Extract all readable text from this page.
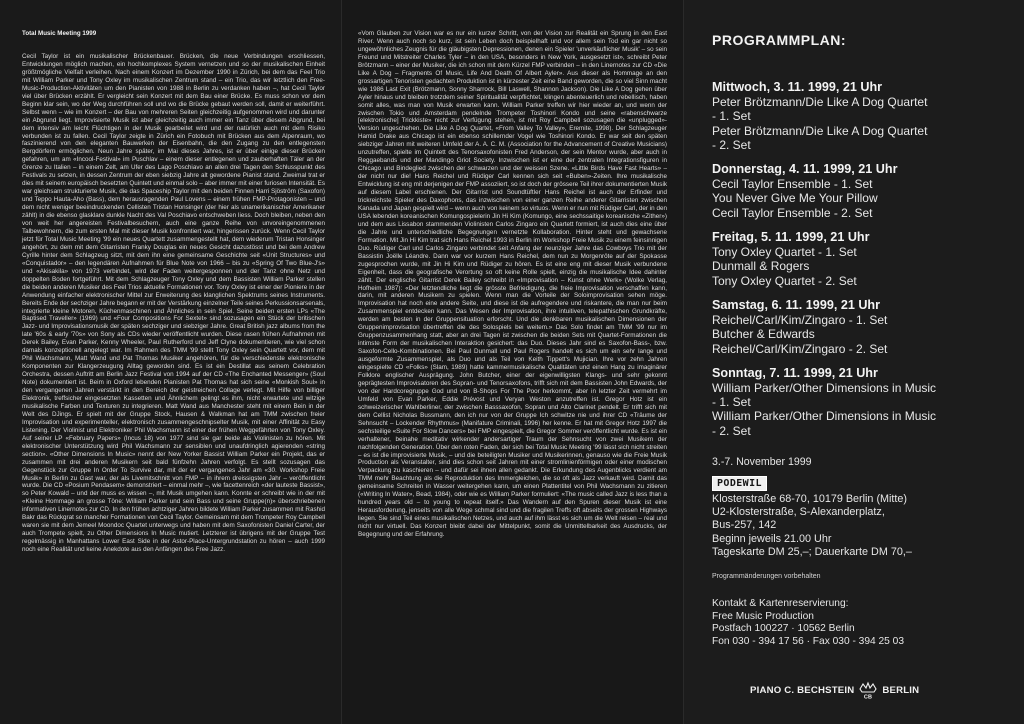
Total Music Meeting 1999

Cecil Taylor ist ein musikalischer Brückenbauer. Brücken, die neue Verbindungen erschliessen, Entwicklungen möglich machen, ein hochkomplexes System vernetzen und so der musikalischen Einheit größtmögliche Vielfalt verleihen. Nach einem Konzert im Dezember 1990 in Zürich, bei dem das Feel Trio mit William Parker und Tony Oxley im musikalischen Zentrum stand – ein Trio, das wir letztlich den Free-Music-Production-Aktivitäten um den Pianisten von 1988 in Berlin zu verdanken haben –, hat Cecil Taylor viel über Brücken erzählt. Er vergleicht sein Konzert mit dem Bau einer Brücke. Es muss schon vor dem Beginn klar sein, wo der Weg durchführen soll und wo die Brücke gebaut werden soll, damit er weiterführt. Selbst wenn – wie im Konzert – der Bau von mehreren Seiten gleichzeitig aufgenommen wird und darunter ein Abgrund liegt. Improvisierte Musik ist aber gleichzeitig auch immer ein Tanz über diesem Abgrund, bei dem intensiv am leicht Flüchtigen in der Musik gearbeitet wird und der natürlich auch mit dem Risiko verbunden ist zu fallen. Cecil Taylor zeigte in Zürich ein Fotobuch mit Brücken aus dem Alpenraum, wo faszinierend von den eleganten Bauwerken der Eisenbahn, die den Zugang zu den entlegensten Bergdörfern ermöglichen. Neun Jahre später, im Mai dieses Jahres, ist er über einige dieser Brücken gefahren, um am «Incool-Festival» im Puschlav – einem dieser entlegenen und zauberhaften Täler an der Grenze zu Italien – in einem Zelt, am Ufer des Lago Poschiavo an allen drei Tagen den Schlusspunkt des Festivals zu setzen, in dessen Zentrum der eben siebzig Jahre alt gewordene Pianist stand. Zweimal trat er dies mit seinem europäisch besetzten Quintett und einmal solo – aber immer mit einer furiosen Intensität. Es war gleichsam strukturierte Musik, die das Spaceship Taylor mit den beiden Finnen Harri Sjöström (Saxofon) und Teppo Hauta-Aho (Bass), dem herausragenden Paul Lovens – einem frühen FMP-Protagonisten – und dem nicht weniger beeindruckenden Cellisten Tristan Honsinger (der hier als unamerikanischer Amerikaner zählt) in die ebenso glasklare dunkle Nacht des Val Poschiavo entschweben liess. Doch bleiben, neben den von weit her angereisten Festivalbesuchern, auch eine ganze Reihe von unvoreingenommenen Talbewohnern, die zum ersten Mal mit dieser Musik konfrontiert war, hingerissen zurück. Wenn Cecil Taylor jetzt für Total Music Meeting '99 ein neues Quartett zusammengestellt hat, dem wiederum Tristan Honsinger angehört, zu dem mit dem Gitarristen Franky Douglas ein neues Gesicht dazustösst und bei dem Andrew Cyrille hinter dem Schlagzeug sitzt, mit dem ihn eine gemeinsame Geschichte seit «Unit Structures» und «Conquistador» – den legendären Aufnahmen für Blue Note von 1966 – bis zu «Spring Of Two Blue-J's» und «Akisakila» von 1973 verbindet, wird der Faden weitergesponnen und der Tanz ohne Netz und doppelten Boden fortgeführt. Mit dem Schlagzeuger Tony Oxley und dem Bassisten William Parker stellen die beiden anderen Musiker des Feel Trios aktuelle Formationen vor. Tony Oxley ist einer der Pioniere in der Anwendung einfacher elektronischer Mittel zur Erweiterung des klanglichen Spektrums seines Instruments. Bereits Ende der sechziger Jahre begann er mit der Verstärkung einzelner Teile seines Perkussionsarsenals, integrierte kleine Motoren, Küchenmaschinen und Ähnliches in sein Spiel. Seine beiden ersten LPs «The Baptised Traveller» (1969) und «Four Compositions For Sextet» sind sozusagen ein Stück der britischen Jazz- und Improvisationsmusik der späten sechziger und siebziger Jahre. Great British jazz albums from the late '60s & early '70s» von Sony als CDs wieder veröffentlicht wurden. Diese rasen frühen Aufnahmen mit Derek Bailey, Evan Parker, Kenny Wheeler, Paul Rutherford und Jeff Clyne dokumentieren, wie viel schon damals konzeptionell angelegt war. Im Rahmen des TMM '99 stellt Tony Oxley sein Quartett vor, dem mit Phil Wachsmann, Matt Wand und Pat Thomas Musiker angehören, für die verschiedenste elektronische Komponenten zur Klangerzeugung Alltag geworden sind. Es ist ein Destillat aus seinem Celebration Orchestra, dessen Auftritt am Berlin Jazz Festival von 1994 auf der CD «The Enchanted Messenger» (Soul Note) dokumentiert ist. Beim in Oxford lebenden Pianisten Pat Thomas hat sich seine «Monkish Soul» in den vergangenen Jahren verstärkt in den Bereich der geistreichen Collage verlegt. Mit Hilfe von billiger Elektronik, treffsicher eingesetzten Kassetten und Ähnlichem gelingt es ihm, nicht erwartete und witzige musikalische Farben und Texturen zu integrieren. Matt Wand aus Manchester steht mit einem Bein in der Welt des DJings. Er spielt mit der Gruppe Stock, Hausen & Walkman hat am TMM zwischen freier Improvisation und experimenteller, elektronisch zusammengeschnipselter Musik, mit einer Affinität zu Easy Listening. Der Violinist und Elektroniker Phil Wachsmann ist einer der frühen Weggefährten von Tony Oxley. Auf seiner LP «February Papers» (Incus 18) von 1977 sind sie gar beide als Violinisten zu hören. Mit elektronischer Unterstützung wird Phil Wachsmann zur sensiblen und unaufdringlich agierenden «string section». «Other Dimensions In Music» nennt der New Yorker Bassist William Parker ein Projekt, das er zusammen mit drei anderen Musikern seit bald fünfzehn Jahren verfolgt. Es stellt sozusagen das Gegenstück zur Gruppe In Order To Survive dar, mit der er vergangenes Jahr am «30. Workshop Freie Musik» in Berlin zu Gast war, der als Livemitschnitt von FMP – in ihrem dreissigsten Jahr – veröffentlicht wurde. Die CD «Posium Pendasem» demonstriert – einmal mehr –, wie facettenreich «der lauteste Bassist», so Peter Kowald – und der muss es wissen –, mit Musik umgehen kann. Konnte er schreibt wie in der mit «Kleine Hommage an grosse Töne: William Parker und sein Bass und seine Gruppe(n)» überschriebenen informativen Linernotes zur CD. In den frühen achtziger Jahren bildete William Parker zusammen mit Rashid Bakr das Rückgrat so mancher Formationen von Cecil Taylor. Gemeinsam mit dem Trompeter Roy Campbell waren sie mit dem Jemeel Moondoc Quartet unterwegs und haben mit dem Saxofonisten Daniel Carter, der auch Trompete spielt, zu Other Dimensions In Music mutiert. Letzterer ist übrigens mit der Gruppe Test regelmässig in Manhattans Lower East Side in der Astor-Place-Untergrundstation zu hören – auch 1999 noch eine Realität und keine Anekdote aus den Anfängen des Free Jazz.

«Vom Glauben zur Vision war es nur ein kurzer Schritt, von der Vision zur Realität ein Sprung in den East River. Wenn auch noch so kurz, ist sein Leben doch beispielhaft und vor allem sein Tod ein gar nicht so ungewöhnliches Zeugnis für die gläubigsten Depressionen, denen ein Spieler 'unverkäuflicher Musik' – so sein Freund und Mitstreiter Charles Tyler – in den USA, besonders in New York, ausgesetzt ist», schreibt Peter Brötzmann – einer der Musiker, die ich schon mit dem Kürzel FMP verbinden – in den Linernotes zur CD «Die Like A Dog – Fragments Of Music, Life And Death Of Albert Ayler». Aus dieser als Hommage an den grossartigen Tenoristen gedachten Produktion ist in kürzester Zeit eine Band geworden, die so viel Sinn macht wie 1986 Last Exit (Brötzmann, Sonny Sharrock, Bill Laswell, Shannon Jackson). Die Like A Dog gehen über Ayler hinaus und bleiben trotzdem seiner Spiritualität verpflichtet, klingen abenteuerlich und rebellisch, haben somit alles, was man von Musik erwarten kann. William Parker treffen wir hier wieder an, und wenn der zwischen Tokio und Amsterdam pendelnde Trompeter Toshinori Kondo und seine «rabenschwarze [elektronische] Trickkiste» nicht zur Verfügung stehen, ist mit Roy Campbell sozusagen die «unplugged»-Version ungeschehen. Die Like A Dog Quartet, «From Valley To Valley», Eremite, 1998). Der Schlagzeuger Hamid Drake aus Chicago ist ein ebenso schillernder Vogel wie Toshinori Kondo. Er war seit den späten siebziger Jahren mit weiteren Umfeld der A. A. C. M. (Association for the Advancement of Creative Musicians) unzutreffen, spielte im Quintett des Tenorsaxofonisten Fred Anderson, der sein Mentor wurde, aber auch in Reggaebands und der Mandingo Griot Society. Inzwischen ist er eine der zentralen Integrationsfiguren in Chicago und Bindeglied zwischen der schwarzen und der weissen Szene. «Little Birds Have Fast Hearts» – der nicht nur die! Hans Reichel und Rüdiger Carl kennen sich seit «Buben»-Zeiten. Ihre musikalische Entwicklung ist eng mit derjenigen der FMP assoziiert, so ist doch der grössere Teil ihrer dokumentierten Musik auf diesem Label erschienen. Der Gitarrist und Soundtüftler Hans Reichel ist auch der Erfinder und trickreichste Spieler des Daxophons, das inzwischen von einer ganzen Reihe anderer Gitarristen zwischen Kanada und Japan gespielt wird – wenn auch von keinem so virtuos. Wenn er nun mit Rüdiger Carl, der in den USA lebenden koreanischen Komungospielerin Jin Hi Kim (Komungo, eine sechssaitige koreanische «Zither») und dem aus Lissabon stammenden Violinisten Carlos Zingaro ein Quartett formiert, ist auch dies eine über die Jahre und unterschiedliche Begegnungen vernetzte Kollaboration. Hinter steht und gewachsene Formation. Mit Jin Hi Kim trat sich Hans Reichel 1993 in Berlin im Workshop Freie Musik zu einem feinsinnigen Duo. Rüdiger Carl und Carlos Zingaro verbindet seit Anfang der neunziger Jahre das Cowboys Trio mit der Bassistin Joëlle Léandre. Dann war vor kurzem Hans Reichel, dem nun zu Morgenröte auf der Spokasse zugesprochen wurde, mit Jin Hi Kim und Rüdiger zu hören. Es ist eine eng mit dieser Musik verbundene Eigenheit, dass die geografische Verortung so oft keine Rolle spielt, einzig die musikalische Idee dahinter zählt. Der englische Gitarrist Derek Bailey schreibt in «Improvisation – Kunst ohne Werk» (Wolke Verlag, Hofheim 1987): «Der letztendliche liegt die grösste Befriedigung, die freie Improvisation verschaffen kann, darin, mit anderen Musikern zu spielen. Wenn man die Vorteile der Soloimprovisation sehen möge. Improvisation hat noch eine andere Seite, und diese ist die aufregendere und riskantere, die man nur beim Zusammenspiel entdecken kann. Das Wesen der Improvisation, ihre intuitiven, telepathischen Grundkräfte, werden am besten in der Gruppensituation erforscht. Und die denkbaren musikalischen Dimensionen der Gruppenimprovisation übertreffen die des Solospiels bei weitem.» Das Solo findet am TMM '99 nur im Gruppenzusammenhang statt, aber an drei Tagen ist zwischen die beiden Sets mit Quartet-Formationen die intimste Form der musikalischen Interaktion gesichert: das Duo. Dieses Jahr sind es Saxofon-Bass-, bzw. Saxofon-Cello-Kombinationen. Bei Paul Dunmall und Paul Rogers handelt es sich um ein sehr lange und ausgeformte Zusammenspiel, als Duo und als Teil von Keith Tippett's Mujician. Ihre vor zehn Jahren eingespielte CD «Folks» (Slam, 1989) hatte kammermusikalische Qualitäten und einen Hang zu imaginärer Folklore englischer Ausprägung. John Butcher, einer der eigenwilligsten Klangs- und sehr gekonnt geprägtesten Improvisatoren des Sopran- und Tenorsaxofons, trifft sich mit dem Bassisten John Edwards, der von der Hardcoregruppe God und von B-Shops For The Poor herkommt, aber in letzter Zeit vermehrt im Umfeld von Evan Parker, Eddie Prévost und Veryan Weston anzutreffen ist. Gregor Hotz ist ein schweizerischer Wahlberliner, der zwischen Basssaxofon, Sopran und Alto Clarinet pendelt. Er trifft sich mit dem Cellist Nicholas Bussmann, den ich nur von der Gruppe Ich schwitze nie und ihrer CD «Träume der Sehnsucht – Lockender Rhythmus» (Manifature Criminali, 1996) her kenne. Er hat mit Gregor Hotz 1997 die sechsteilige «Suite For Slow Dancers» bei FMP eingespielt, die Gregor Sommer veröffentlicht wurde. Es ist ein verhaltener, beinahe meditativ wirkender andersartiger Traum der Sehnsucht von zwei Musikern der nachfolgenden Generation. Über den roten Faden, der sich bei Total Music Meeting '99 lässt sich nicht streiten – es ist die improvisierte Musik, – und die beteiligten Musiker und Musikerinnen, genauso wie die Freie Musik Production als Veranstalter, sind dies schon seit Jahren mit einer stromlinienförmigen oder einer modischen Verpackung zu kaschieren – und dafür sei ihnen allen gedankt. Die Erkundung des Augenblicks verdient am TMM mehr Beachtung als die Reproduktion des Immergleichen, die so oft als Jazz verkauft wird. Damit das gemeinsame Schreiten in Wasser weitergehen kann, um einen Plattentitel von Phil Wachsmann zu zitieren («Writing In Water», Bead, 1984), oder wie es William Parker formuliert: «The music called Jazz is less than a hundred years old – to young to repeat itself.» Das Wandern auf den Spuren dieser Musik ist eine Herausforderung, jenseits von alle Wege schmal sind und die fragilen Treffs oft abseits der grossen Highways liegen. Sie sind Teil eines musikalischen Netzes, und auch auf ihm lässt es sich um die Welt reisen – real und nicht nur virtuell. Das Konzert bleibt dabei der Mittelpunkt, somit die Unmittelbarkeit des Ausdrucks, der Begegnung und der Erfahrung.

PROGRAMMPLAN:

Mittwoch, 3. 11. 1999, 21 Uhr

Peter Brötzmann/Die Like A Dog Quartet

- 1. Set

Peter Brötzmann/Die Like A Dog Quartet

- 2. Set

Donnerstag, 4. 11. 1999, 21 Uhr

Cecil Taylor Ensemble - 1. Set

You Never Give Me Your Pillow

Cecil Taylor Ensemble - 2. Set

Freitag, 5. 11. 1999, 21 Uhr

Tony Oxley Quartet - 1. Set

Dunmall & Rogers

Tony Oxley Quartet - 2. Set

Samstag, 6. 11. 1999, 21 Uhr

Reichel/Carl/Kim/Zingaro - 1. Set

Butcher & Edwards

Reichel/Carl/Kim/Zingaro - 2. Set

Sonntag, 7. 11. 1999, 21 Uhr

William Parker/Other Dimensions in Music

- 1. Set

William Parker/Other Dimensions in Music

- 2. Set

3.-7. November 1999

PODEWIL

Klosterstraße 68-70, 10179 Berlin (Mitte)

U2-Klosterstraße, S-Alexanderplatz,

Bus-257, 142

Beginn jeweils 21.00 Uhr

Tageskarte DM 25,–; Dauerkarte DM 70,–

Programmänderungen vorbehalten

Kontakt & Kartenreservierung:

Free Music Production

Postfach 100227 · 10562 Berlin

Fon 030 - 394 17 56 · Fax 030 - 394 25 03

PIANO C. BECHSTEIN
CB
BERLIN
